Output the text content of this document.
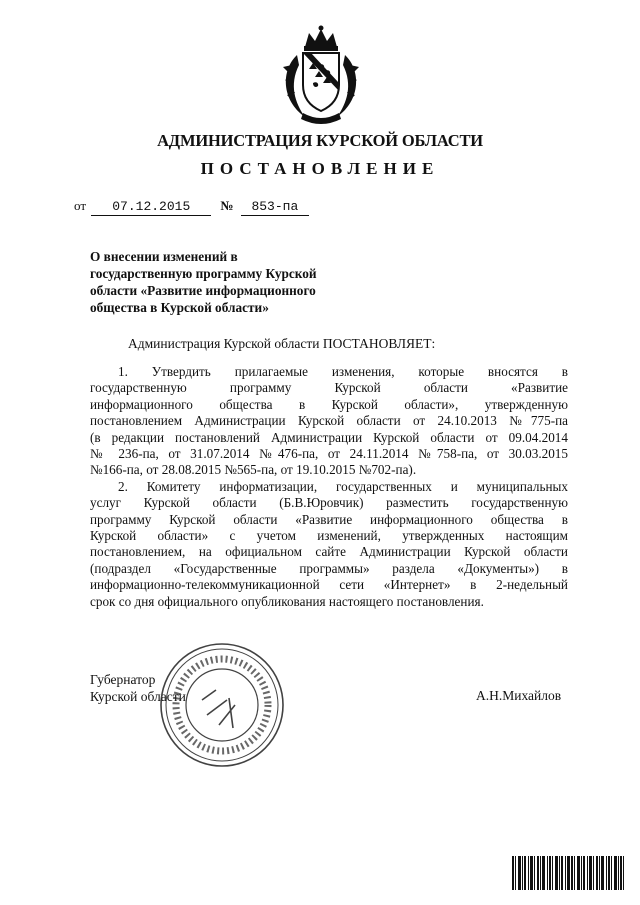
АДМИНИСТРАЦИЯ КУРСКОЙ ОБЛАСТИ
ПОСТАНОВЛЕНИЕ
от 07.12.2015 № 853-па
О внесении изменений в
государственную программу Курской
области «Развитие информационного
общества в Курской области»
Администрация Курской области ПОСТАНОВЛЯЕТ:
1. Утвердить прилагаемые изменения, которые вносятся в
государственную программу Курской области «Развитие
информационного общества в Курской области», утвержденную
постановлением Администрации Курской области от 24.10.2013 №775-па
(в редакции постановлений Администрации Курской области от 09.04.2014
№ 236-па, от 31.07.2014 №476-па, от 24.11.2014 №758-па, от 30.03.2015
№166-па, от 28.08.2015 №565-па, от 19.10.2015 №702-па).
2. Комитету информатизации, государственных и муниципальных
услуг Курской области (Б.В.Юровчик) разместить государственную
программу Курской области «Развитие информационного общества в
Курской области» с учетом изменений, утвержденных настоящим
постановлением, на официальном сайте Администрации Курской области
(подраздел «Государственные программы» раздела «Документы») в
информационно-телекоммуникационной сети «Интернет» в 2-недельный
срок со дня официального опубликования настоящего постановления.
Губернатор
Курской области	А.Н.Михайлов
